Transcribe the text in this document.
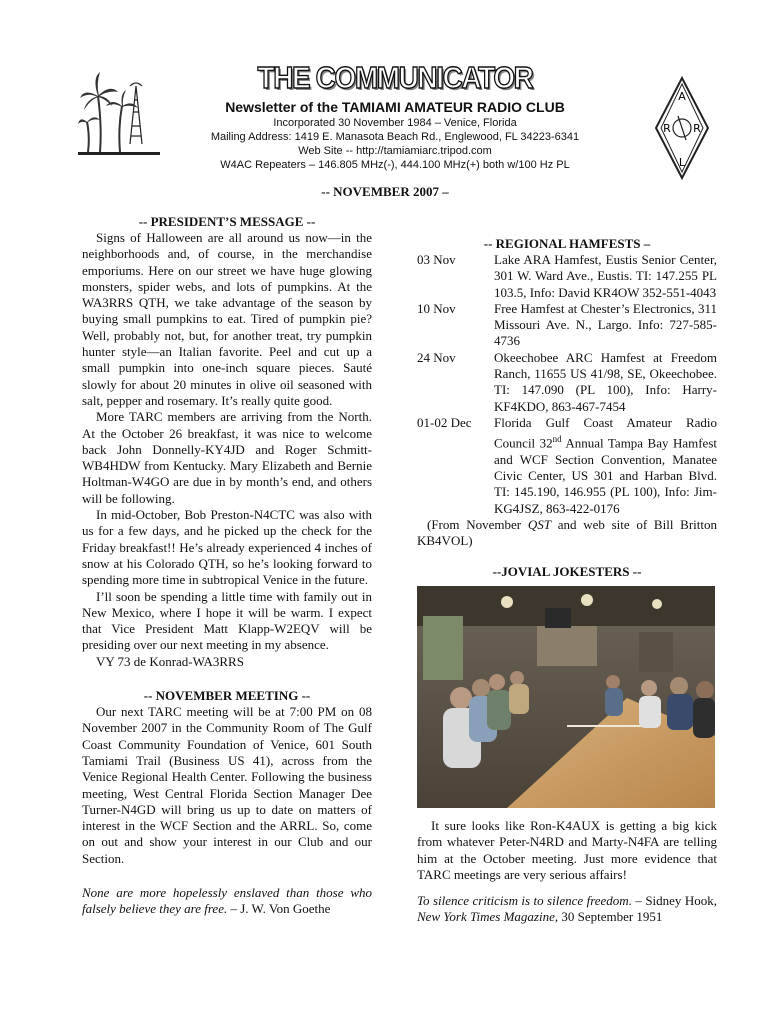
A
R R
L
THE COMMUNICATOR
Newsletter of the TAMIAMI AMATEUR RADIO CLUB
Incorporated 30 November 1984 – Venice, Florida
Mailing Address: 1419 E. Manasota Beach Rd., Englewood, FL 34223-6341
Web Site -- http://tamiamiarc.tripod.com
W4AC Repeaters – 146.805 MHz(-), 444.100 MHz(+) both w/100 Hz PL
-- NOVEMBER 2007 –
-- PRESIDENT’S MESSAGE --

Signs of Halloween are all around us now—in the neighborhoods and, of course, in the merchandise emporiums. Here on our street we have huge glowing monsters, spider webs, and lots of pumpkins. At the WA3RRS QTH, we take advantage of the season by buying small pumpkins to eat. Tired of pumpkin pie? Well, probably not, but, for another treat, try pumpkin hunter style—an Italian favorite. Peel and cut up a small pumpkin into one-inch square pieces. Sauté slowly for about 20 minutes in olive oil seasoned with salt, pepper and rosemary. It’s really quite good.

More TARC members are arriving from the North. At the October 26 breakfast, it was nice to welcome back John Donnelly-KY4JD and Roger Schmitt-WB4HDW from Kentucky. Mary Elizabeth and Bernie Holtman-W4GO are due in by month’s end, and others will be following.

In mid-October, Bob Preston-N4CTC was also with us for a few days, and he picked up the check for the Friday breakfast!! He’s already experienced 4 inches of snow at his Colorado QTH, so he’s looking forward to spending more time in subtropical Venice in the future.

I’ll soon be spending a little time with family out in New Mexico, where I hope it will be warm. I expect that Vice President Matt Klapp-W2EQV will be presiding over our next meeting in my absence.

VY 73 de Konrad-WA3RRS
-- NOVEMBER MEETING --

Our next TARC meeting will be at 7:00 PM on 08 November 2007 in the Community Room of The Gulf Coast Community Foundation of Venice, 601 South Tamiami Trail (Business US 41), across from the Venice Regional Health Center. Following the business meeting, West Central Florida Section Manager Dee Turner-N4GD will bring us up to date on matters of interest in the WCF Section and the ARRL. So, come on out and show your interest in our Club and our Section.

None are more hopelessly enslaved than those who falsely believe they are free. – J. W. Von Goethe

-- REGIONAL HAMFESTS –
03 Nov	Lake ARA Hamfest, Eustis Senior Center, 301 W. Ward Ave., Eustis. TI: 147.255 PL 103.5, Info: David KR4OW 352-551-4043
10 Nov	Free Hamfest at Chester’s Electronics, 311 Missouri Ave. N., Largo. Info: 727-585-4736
24 Nov	Okeechobee ARC Hamfest at Freedom Ranch, 11655 US 41/98, SE, Okeechobee. TI: 147.090 (PL 100), Info: Harry-KF4KDO, 863-467-7454
01-02 Dec	Florida Gulf Coast Amateur Radio Council 32nd Annual Tampa Bay Hamfest and WCF Section Convention, Manatee Civic Center, US 301 and Harban Blvd. TI: 145.190, 146.955 (PL 100), Info: Jim-KG4JSZ, 863-422-0176

(From November QST and web site of Bill Britton KB4VOL)

--JOVIAL JOKESTERS --

It sure looks like Ron-K4AUX is getting a big kick from whatever Peter-N4RD and Marty-N4FA are telling him at the October meeting. Just more evidence that TARC meetings are very serious affairs!

To silence criticism is to silence freedom. – Sidney Hook, New York Times Magazine, 30 September 1951
